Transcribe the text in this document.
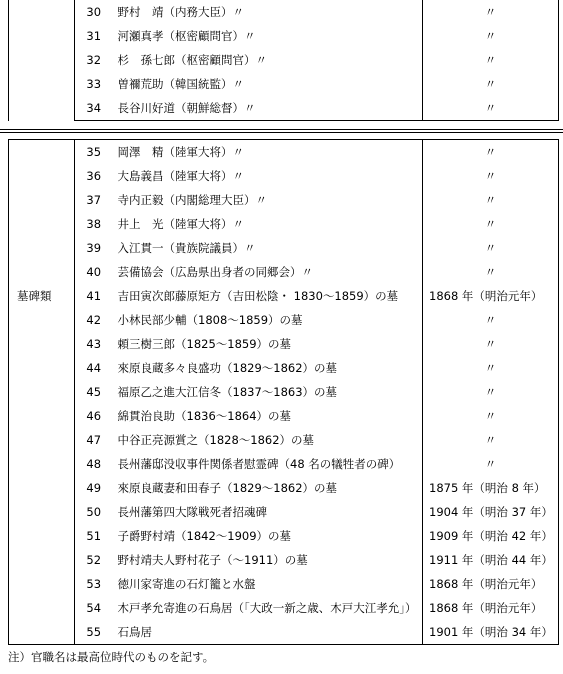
	30	野村　靖（内務大臣）〃	〃
	31	河瀬真孝（枢密顧問官）〃	〃
	32	杉　孫七郎（枢密顧問官）〃	〃
	33	曽禰荒助（韓国統監）〃	〃
	34	長谷川好道（朝鮮総督）〃	〃
	35	岡澤　精（陸軍大将）〃	〃
	36	大島義昌（陸軍大将）〃	〃
	37	寺内正毅（内閣総理大臣）〃	〃
	38	井上　光（陸軍大将）〃	〃
	39	入江貫一（貴族院議員）〃	〃
	40	芸備協会（広島県出身者の同郷会）〃	〃
墓碑類	41	吉田寅次郎藤原矩方（吉田松陰・ 1830～1859）の墓	1868 年（明治元年）
	42	小林民部少輔（1808～1859）の墓	〃
	43	頼三樹三郎（1825～1859）の墓	〃
	44	來原良蔵多々良盛功（1829～1862）の墓	〃
	45	福原乙之進大江信冬（1837～1863）の墓	〃
	46	綿貫治良助（1836～1864）の墓	〃
	47	中谷正亮源賞之（1828～1862）の墓	〃
	48	長州藩邸没収事件関係者慰霊碑（48 名の犠牲者の碑）	〃
	49	來原良蔵妻和田春子（1829～1862）の墓	1875 年（明治 8 年）
	50	長州藩第四大隊戦死者招魂碑	1904 年（明治 37 年）
	51	子爵野村靖（1842～1909）の墓	1909 年（明治 42 年）
	52	野村靖夫人野村花子（～1911）の墓	1911 年（明治 44 年）
	53	徳川家寄進の石灯籠と水盤	1868 年（明治元年）
	54	木戸孝允寄進の石鳥居（「大政一新之歳、木戸大江孝允」）	1868 年（明治元年）
	55	石鳥居	1901 年（明治 34 年）
注）官職名は最高位時代のものを記す。
